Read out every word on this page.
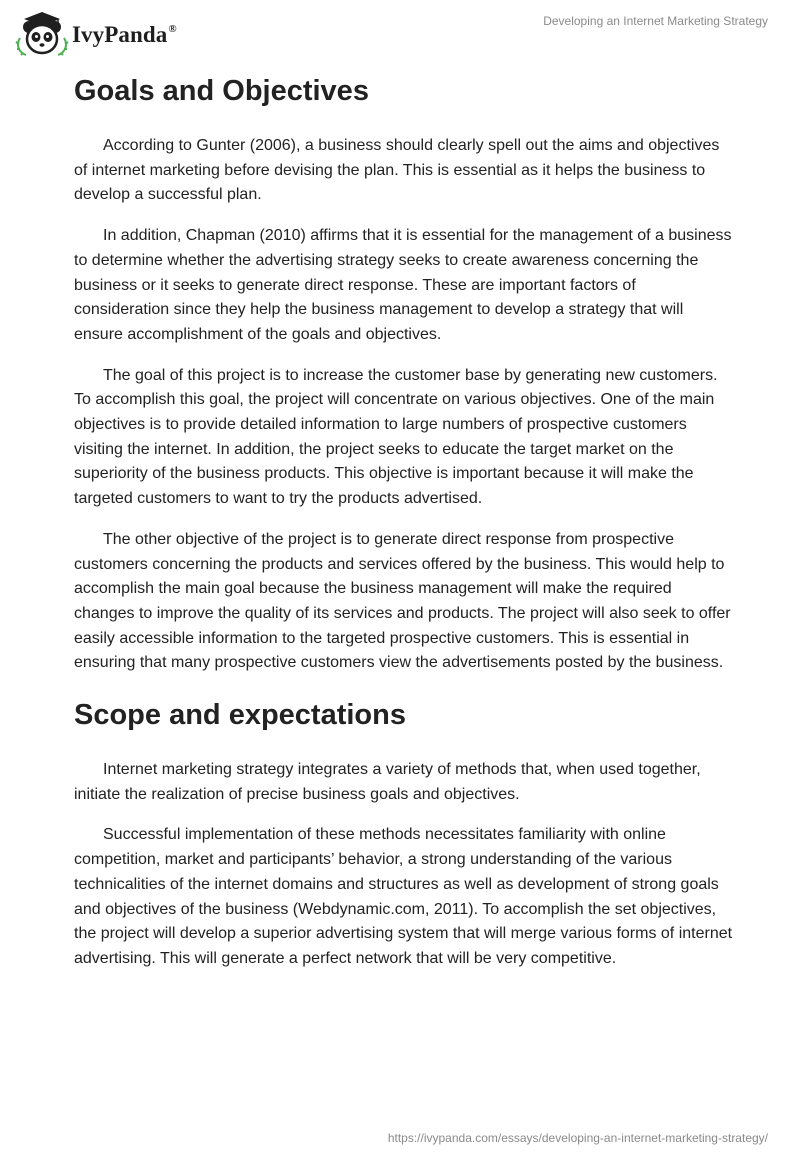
IvyPanda®
Developing an Internet Marketing Strategy
Goals and Objectives

According to Gunter (2006), a business should clearly spell out the aims and objectives of internet marketing before devising the plan. This is essential as it helps the business to develop a successful plan.

In addition, Chapman (2010) affirms that it is essential for the management of a business to determine whether the advertising strategy seeks to create awareness concerning the business or it seeks to generate direct response. These are important factors of consideration since they help the business management to develop a strategy that will ensure accomplishment of the goals and objectives.

The goal of this project is to increase the customer base by generating new customers. To accomplish this goal, the project will concentrate on various objectives. One of the main objectives is to provide detailed information to large numbers of prospective customers visiting the internet. In addition, the project seeks to educate the target market on the superiority of the business products. This objective is important because it will make the targeted customers to want to try the products advertised.

The other objective of the project is to generate direct response from prospective customers concerning the products and services offered by the business. This would help to accomplish the main goal because the business management will make the required changes to improve the quality of its services and products. The project will also seek to offer easily accessible information to the targeted prospective customers. This is essential in ensuring that many prospective customers view the advertisements posted by the business.

Scope and expectations

Internet marketing strategy integrates a variety of methods that, when used together, initiate the realization of precise business goals and objectives.

Successful implementation of these methods necessitates familiarity with online competition, market and participants’ behavior, a strong understanding of the various technicalities of the internet domains and structures as well as development of strong goals and objectives of the business (Webdynamic.com, 2011). To accomplish the set objectives, the project will develop a superior advertising system that will merge various forms of internet advertising. This will generate a perfect network that will be very competitive.

https://ivypanda.com/essays/developing-an-internet-marketing-strategy/
